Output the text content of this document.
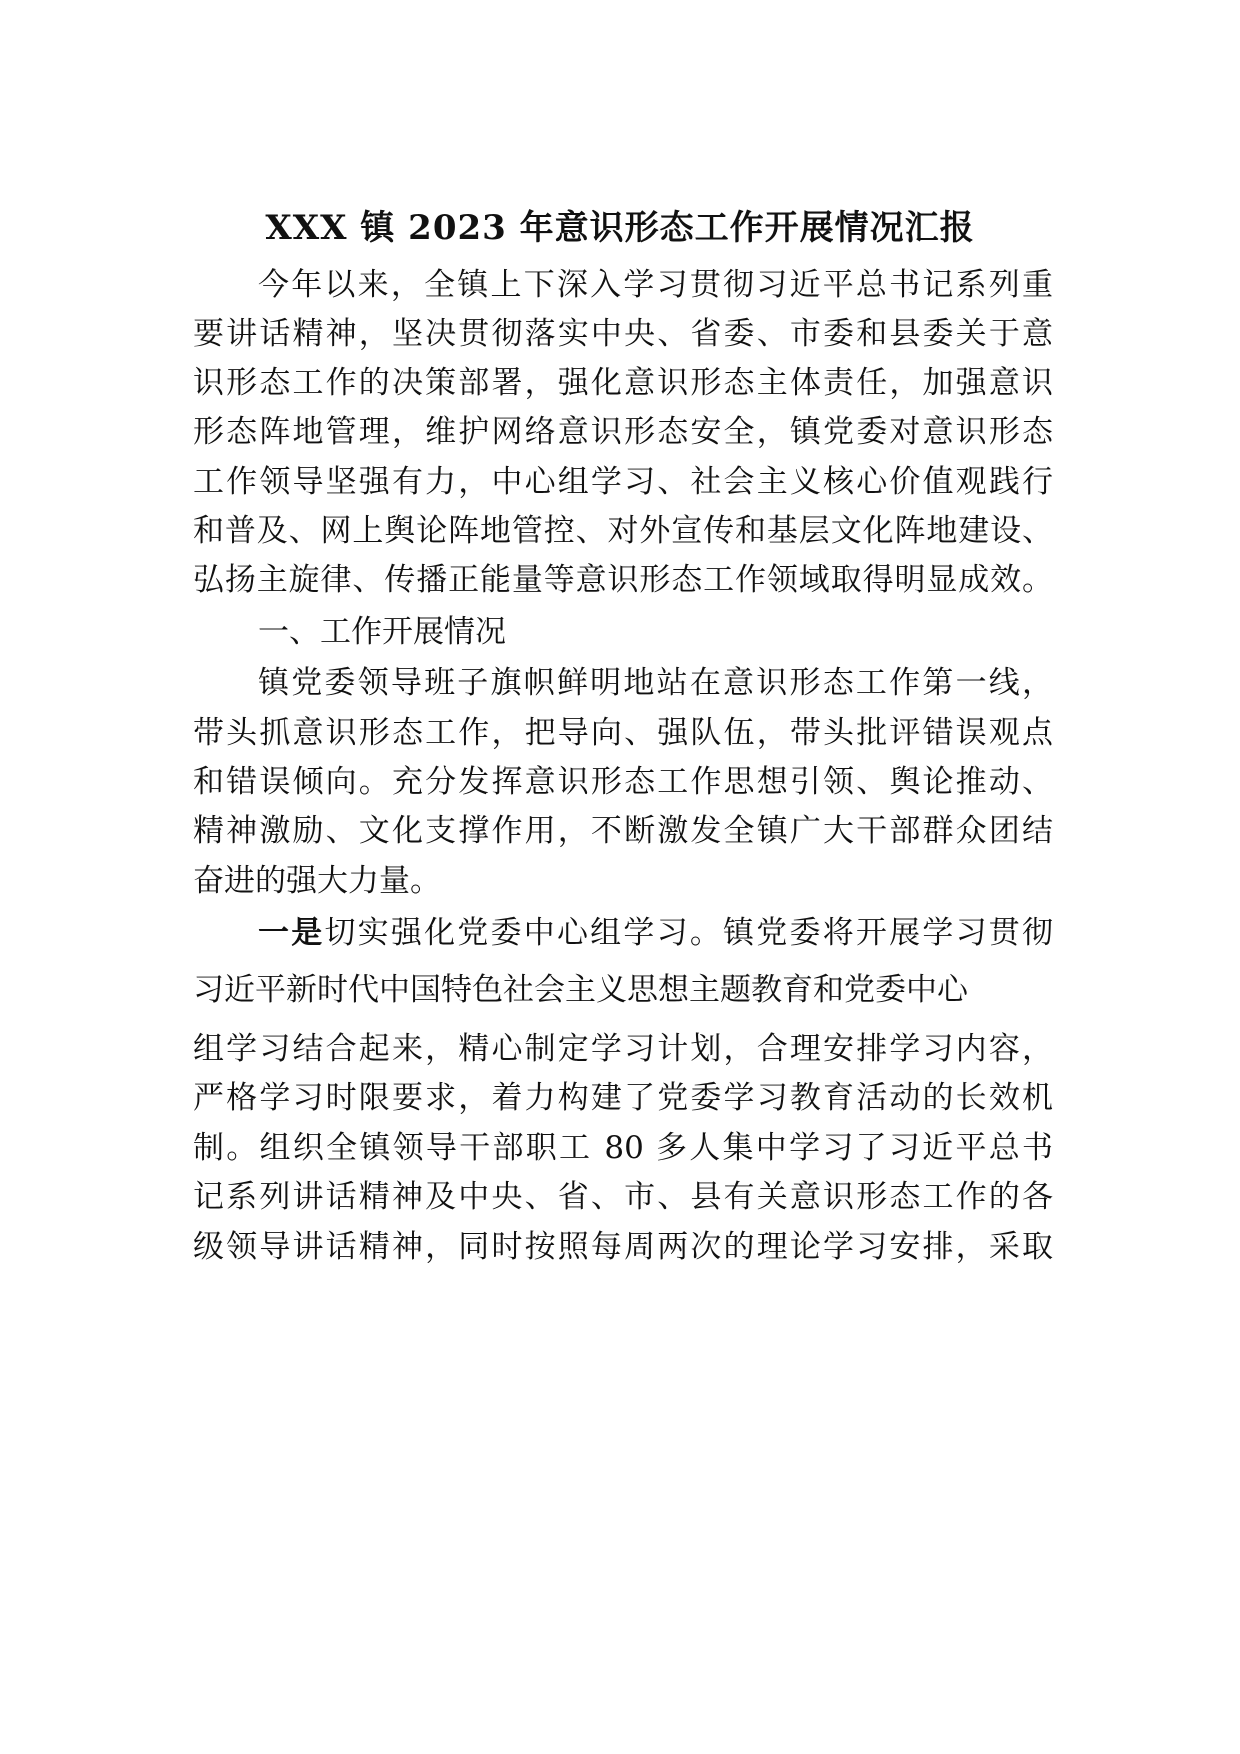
XXX 镇 2023 年意识形态工作开展情况汇报
今年以来，全镇上下深入学习贯彻习近平总书记系列重
要讲话精神，坚决贯彻落实中央、省委、市委和县委关于意
识形态工作的决策部署，强化意识形态主体责任，加强意识
形态阵地管理，维护网络意识形态安全，镇党委对意识形态
工作领导坚强有力，中心组学习、社会主义核心价值观践行
和普及、网上舆论阵地管控、对外宣传和基层文化阵地建设、
弘扬主旋律、传播正能量等意识形态工作领域取得明显成效。
一、工作开展情况
镇党委领导班子旗帜鲜明地站在意识形态工作第一线，
带头抓意识形态工作，把导向、强队伍，带头批评错误观点
和错误倾向。充分发挥意识形态工作思想引领、舆论推动、
精神激励、文化支撑作用，不断激发全镇广大干部群众团结
奋进的强大力量。
一是切实强化党委中心组学习。镇党委将开展学习贯彻
习近平新时代中国特色社会主义思想主题教育和党委中心
组学习结合起来，精心制定学习计划，合理安排学习内容，
严格学习时限要求，着力构建了党委学习教育活动的长效机
制。组织全镇领导干部职工 80 多人集中学习了习近平总书
记系列讲话精神及中央、省、市、县有关意识形态工作的各
级领导讲话精神，同时按照每周两次的理论学习安排，采取
